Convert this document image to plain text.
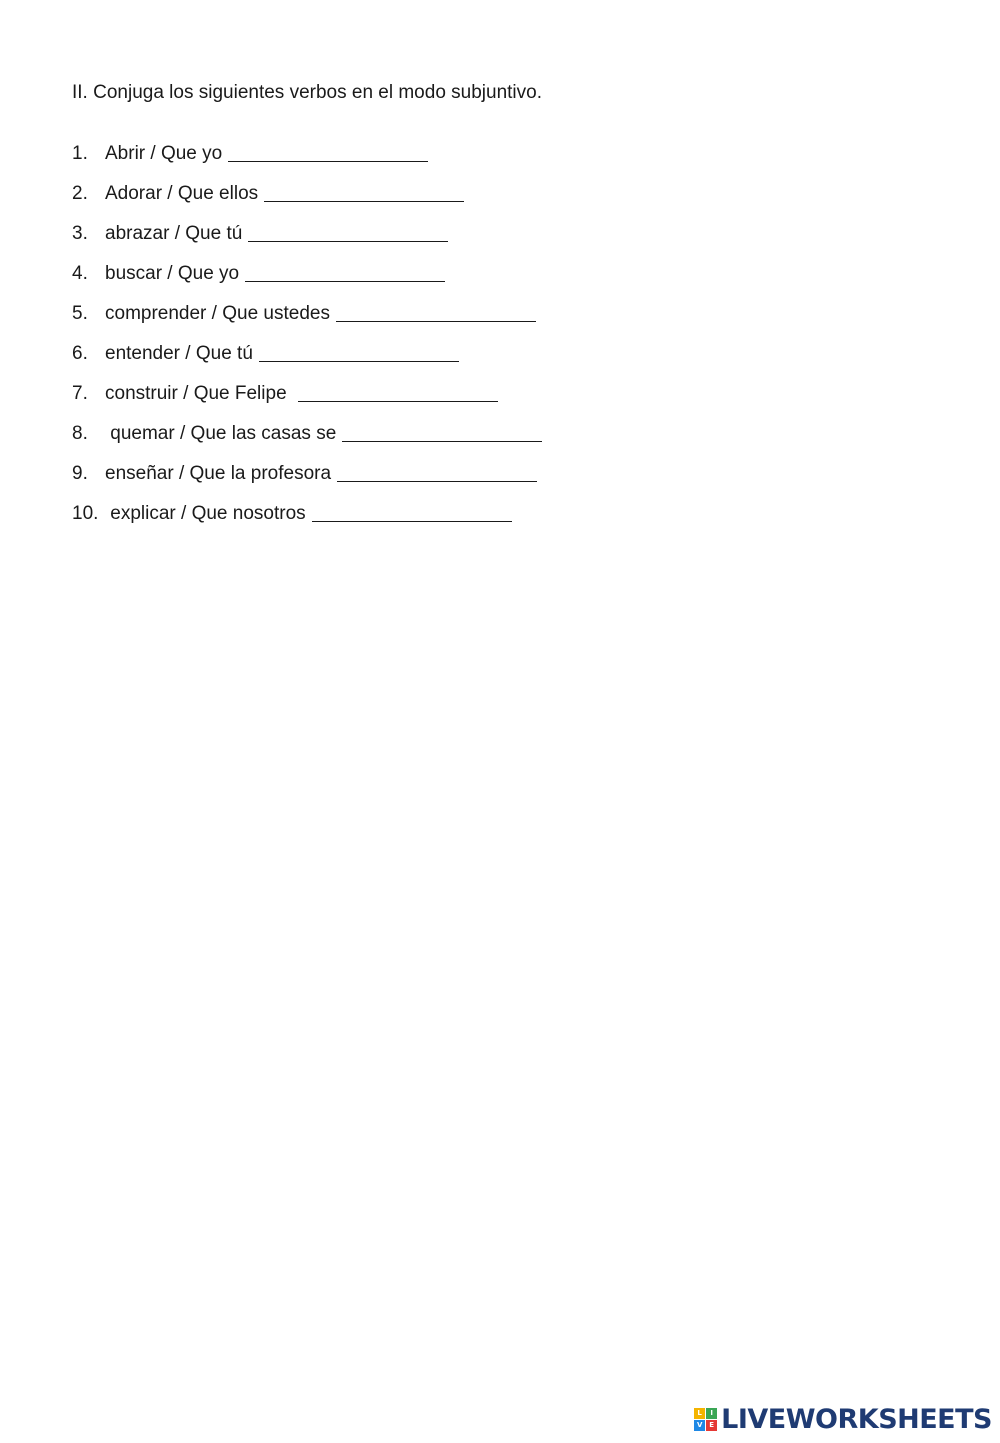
II. Conjuga los siguientes verbos en el modo subjuntivo.
1. Abrir / Que yo
2. Adorar / Que ellos
3. abrazar / Que tú
4. buscar / Que yo
5. comprender / Que ustedes
6. entender / Que tú
7. construir / Que Felipe
8. quemar / Que las casas se
9. enseñar / Que la profesora
10. explicar / Que nosotros
L	I
V E LIVEWORKSHEETS
